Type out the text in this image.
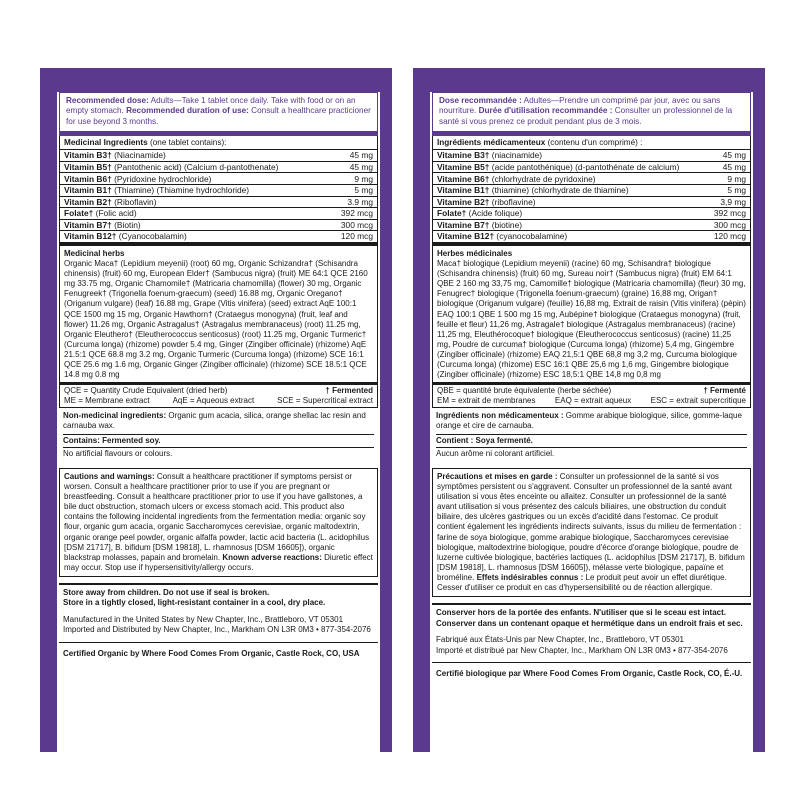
Recommended dose: Adults—Take 1 tablet once daily. Take with food or on an empty stomach. Recommended duration of use: Consult a healthcare practicioner for use beyond 3 months.
Medicinal Ingredients (one tablet contains):
Vitamin B3† (Niacinamide)	45 mg
Vitamin B5† (Pantothenic acid) (Calcium d-pantothenate)	45 mg
Vitamin B6† (Pyridoxine hydrochloride)	9 mg
Vitamin B1† (Thiamine) (Thiamine hydrochloride)	5 mg
Vitamin B2† (Riboflavin)	3.9 mg
Folate† (Folic acid)	392 mcg
Vitamin B7† (Biotin)	300 mcg
Vitamin B12† (Cyanocobalamin)	120 mcg
Medicinal herbs
Organic Maca† (Lepidium meyenii) (root) 60 mg, Organic Schizandra† (Schisandra chinensis) (fruit) 60 mg, European Elder† (Sambucus nigra) (fruit) ME 64:1 QCE 2160 mg 33.75 mg, Organic Chamomile† (Matricaria chamomilla) (flower) 30 mg, Organic Fenugreek† (Trigonella foenum-graecum) (seed) 16.88 mg, Organic Oregano† (Origanum vulgare) (leaf) 16.88 mg, Grape (Vitis vinifera) (seed) extract AqE 100:1 QCE 1500 mg 15 mg, Organic Hawthorn† (Crataegus monogyna) (fruit, leaf and flower) 11.26 mg, Organic Astragalus† (Astragalus membranaceus) (root) 11.25 mg, Organic Eleuthero† (Eleutherococcus senticosus) (root) 11.25 mg, Organic Turmeric† (Curcuma longa) (rhizome) powder 5.4 mg, Ginger (Zingiber officinale) (rhizome) AqE 21.5:1 QCE 68.8 mg 3.2 mg, Organic Turmeric (Curcuma longa) (rhizome) SCE 16:1 QCE 25.6 mg 1.6 mg, Organic Ginger (Zingiber officinale) (rhizome) SCE 18.5:1 QCE 14.8 mg 0.8 mg
QCE = Quantity Crude Equivalent (dried herb)	† Fermented
ME = Membrane extract	AqE = Aqueous extract	SCE = Supercritical extract
Non-medicinal ingredients: Organic gum acacia, silica, orange shellac lac resin and carnauba wax.
Contains: Fermented soy.
No artificial flavours or colours.
Cautions and warnings: Consult a healthcare practitioner if symptoms persist or worsen. Consult a healthcare practitioner prior to use if you are pregnant or breastfeeding. Consult a healthcare practitioner prior to use if you have gallstones, a bile duct obstruction, stomach ulcers or excess stomach acid. This product also contains the following incidental ingredients from the fermentation media: organic soy flour, organic gum acacia, organic Saccharomyces cerevisiae, organic maltodextrin, organic orange peel powder, organic alfalfa powder, lactic acid bacteria (L. acidophilus [DSM 21717], B. bifidum [DSM 19818], L. rhamnosus [DSM 16605]), organic blackstrap molasses, papain and bromelain. Known adverse reactions: Diuretic effect may occur. Stop use if hypersensitivity/allergy occurs.
Store away from children. Do not use if seal is broken.
Store in a tightly closed, light-resistant container in a cool, dry place.
Manufactured in the United States by New Chapter, Inc., Brattleboro, VT 05301
Imported and Distributed by New Chapter, Inc., Markham ON L3R 0M3 • 877-354-2076
Certified Organic by Where Food Comes From Organic, Castle Rock, CO, USA
Dose recommandée : Adultes—Prendre un comprimé par jour, avec ou sans nourriture. Durée d'utilisation recommandée : Consulter un professionnel de la santé si vous prenez ce produit pendant plus de 3 mois.
Ingrédients médicamenteux (contenu d'un comprimé) :
Vitamine B3† (niacinamide)	45 mg
Vitamine B5† (acide pantothénique) (d-pantothénate de calcium)	45 mg
Vitamine B6† (chlorhydrate de pyridoxine)	9 mg
Vitamine B1† (thiamine) (chlorhydrate de thiamine)	5 mg
Vitamine B2† (riboflavine)	3,9 mg
Folate† (Acide folique)	392 mcg
Vitamine B7† (biotine)	300 mcg
Vitamine B12† (cyanocobalamine)	120 mcg
Herbes médicinales
Maca† biologique (Lepidium meyenii) (racine) 60 mg, Schisandra† biologique (Schisandra chinensis) (fruit) 60 mg, Sureau noir† (Sambucus nigra) (fruit) EM 64:1 QBE 2 160 mg 33,75 mg, Camomille† biologique (Matricaria chamomilla) (fleur) 30 mg, Fenugrec† biologique (Trigonella foenum-graecum) (graine) 16,88 mg, Origan† biologique (Origanum vulgare) (feuille) 16,88 mg, Extrait de raisin (Vitis vinifera) (pépin) EAQ 100:1 QBE 1 500 mg 15 mg, Aubépine† biologique (Crataegus monogyna) (fruit, feuille et fleur) 11,26 mg, Astragale† biologique (Astragalus membranaceus) (racine) 11,25 mg, Eleuthérocoque† biologique (Eleutherococcus senticosus) (racine) 11,25 mg, Poudre de curcuma† biologique (Curcuma longa) (rhizome) 5,4 mg, Gingembre (Zingiber officinale) (rhizome) EAQ 21,5:1 QBE 68,8 mg 3,2 mg, Curcuma biologique (Curcuma longa) (rhizome) ESC 16:1 QBE 25,6 mg 1,6 mg, Gingembre biologique (Zingiber officinale) (rhizome) ESC 18,5:1 QBE 14,8 mg 0,8 mg
QBE = quantité brute équivalente (herbe séchée)	† Fermenté
EM = extrait de membranes EAQ = extrait aqueux ESC = extrait supercritique
Ingrédients non médicamenteux : Gomme arabique biologique, silice, gomme-laque orange et cire de carnauba.
Contient : Soya fermenté.
Aucun arôme ni colorant artificiel.
Précautions et mises en garde : Consulter un professionnel de la santé si vos symptômes persistent ou s'aggravent. Consulter un professionnel de la santé avant utilisation si vous êtes enceinte ou allaitez. Consulter un professionnel de la santé avant utilisation si vous présentez des calculs biliaires, une obstruction du conduit biliaire, des ulcères gastriques ou un excès d'acidité dans l'estomac. Ce produit contient également les ingrédients indirects suivants, issus du milieu de fermentation : farine de soya biologique, gomme arabique biologique, Saccharomyces cerevisiae biologique, maltodextrine biologique, poudre d'écorce d'orange biologique, poudre de luzerne cultivée biologique, bactéries lactiques (L. acidophilus [DSM 21717], B. bifidum [DSM 19818], L. rhamnosus [DSM 16605]), mélasse verte biologique, papaïne et broméline. Effets indésirables connus : Le produit peut avoir un effet diurétique. Cesser d'utiliser ce produit en cas d'hypersensibilité ou de réaction allergique.
Conserver hors de la portée des enfants. N'utiliser que si le sceau est intact.
Conserver dans un contenant opaque et hermétique dans un endroit frais et sec.
Fabriqué aux États-Unis par New Chapter, Inc., Brattleboro, VT 05301
Importé et distribué par New Chapter, Inc., Markham ON L3R 0M3 • 877-354-2076
Certifié biologique par Where Food Comes From Organic, Castle Rock, CO, É.-U.
